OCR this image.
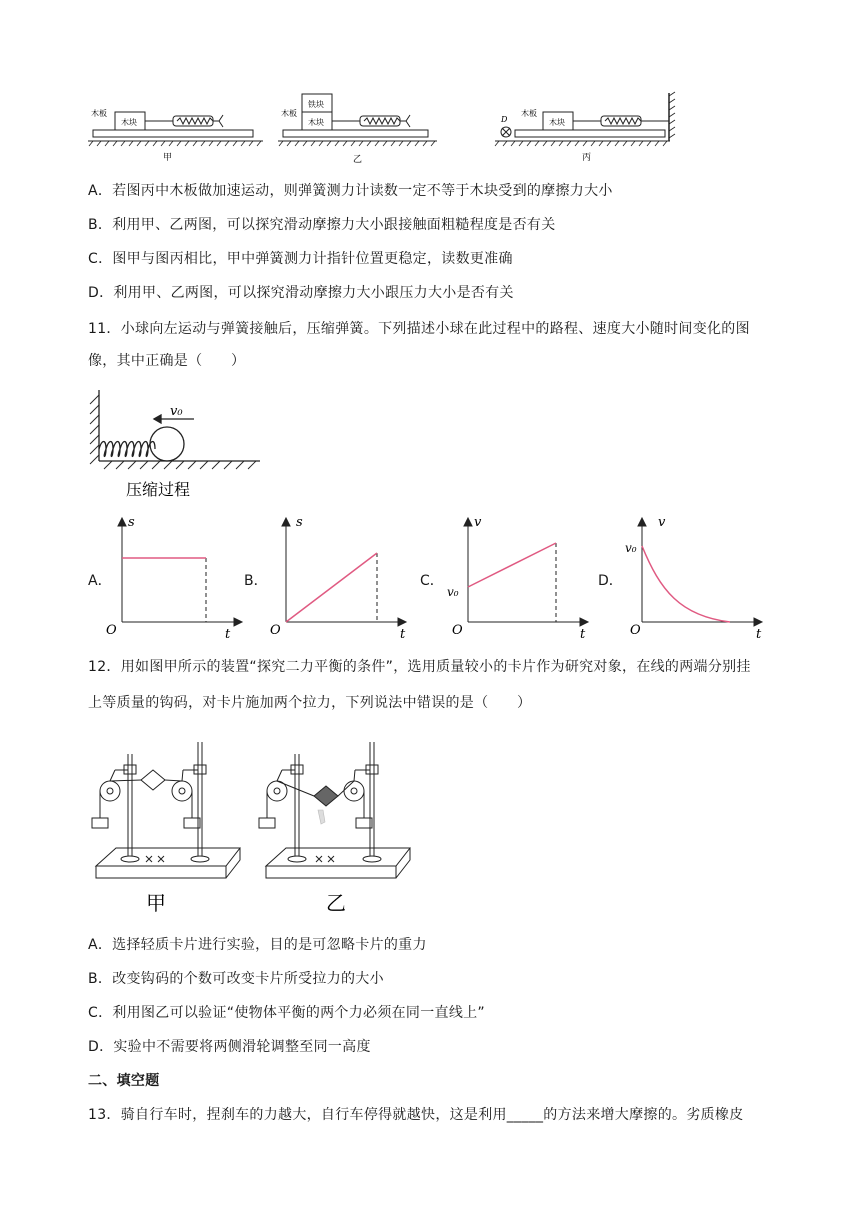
木板
木块
木板
木块
铁块
木板
木块
D
甲	乙	丙
A．若图丙中木板做加速运动，则弹簧测力计读数一定不等于木块受到的摩擦力大小
B．利用甲、乙两图，可以探究滑动摩擦力大小跟接触面粗糙程度是否有关
C．图甲与图丙相比，甲中弹簧测力计指针位置更稳定，读数更准确
D．利用甲、乙两图，可以探究滑动摩擦力大小跟压力大小是否有关
11．小球向左运动与弹簧接触后，压缩弹簧。下列描述小球在此过程中的路程、速度大小随时间变化的图
像，其中正确是（　　）
v₀
压缩过程
A．	B．	C．	D．
s
t
O
s
t
O
v
t
O
v₀
v
t
O
v₀
12．用如图甲所示的装置“探究二力平衡的条件”，选用质量较小的卡片作为研究对象，在线的两端分别挂
上等质量的钩码，对卡片施加两个拉力，下列说法中错误的是（　　）
甲	乙
A．选择轻质卡片进行实验，目的是可忽略卡片的重力
B．改变钩码的个数可改变卡片所受拉力的大小
C．利用图乙可以验证“使物体平衡的两个力必须在同一直线上”
D．实验中不需要将两侧滑轮调整至同一高度
二、填空题
13．骑自行车时，捏刹车的力越大，自行车停得就越快，这是利用_____的方法来增大摩擦的。劣质橡皮
